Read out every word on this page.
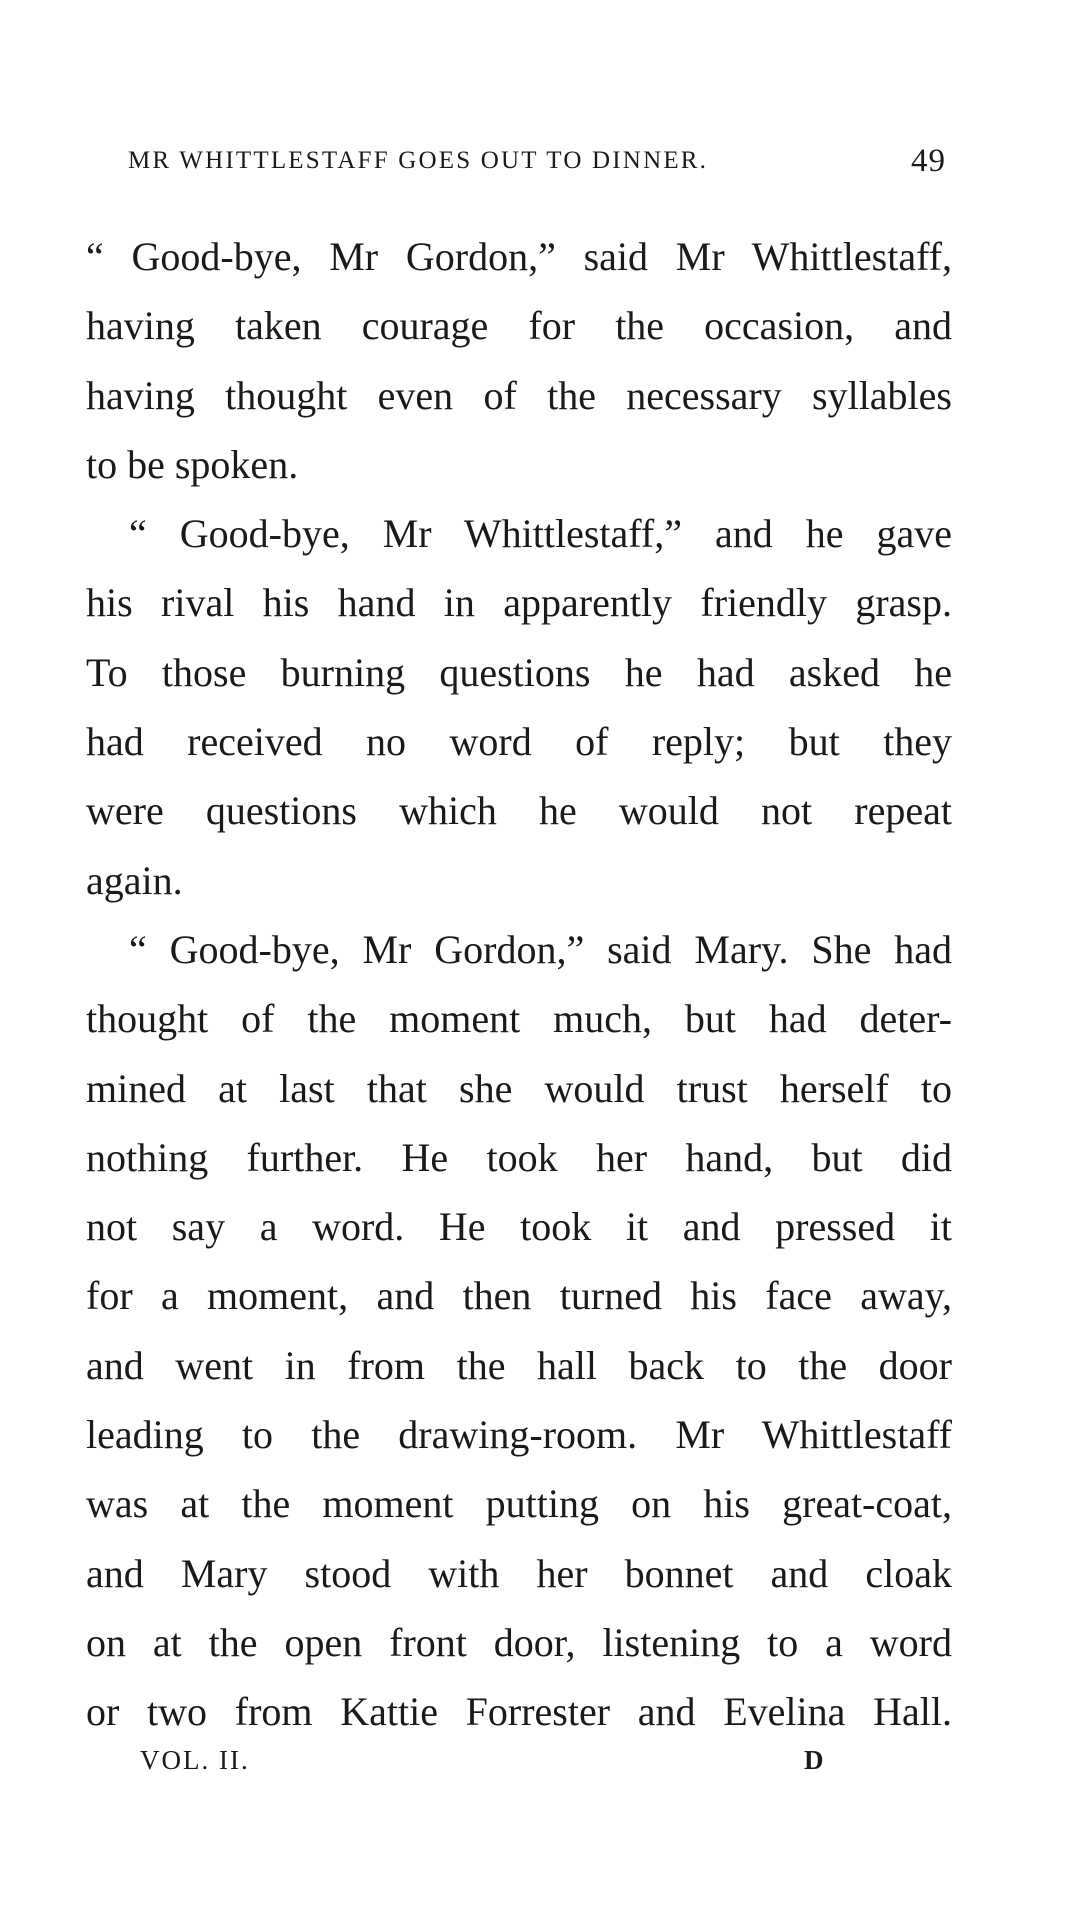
MR WHITTLESTAFF GOES OUT TO DINNER.	49
“ Good-bye, Mr Gordon,” said Mr Whittlestaff,
having taken courage for the occasion, and
having thought even of the necessary syllables
to be spoken.
“ Good-bye, Mr Whittlestaff,” and he gave
his rival his hand in apparently friendly grasp.
To those burning questions he had asked he
had received no word of reply; but they
were questions which he would not repeat
again.
“ Good-bye, Mr Gordon,” said Mary. She had
thought of the moment much, but had deter-
mined at last that she would trust herself to
nothing further. He took her hand, but did
not say a word. He took it and pressed it
for a moment, and then turned his face away,
and went in from the hall back to the door
leading to the drawing-room. Mr Whittlestaff
was at the moment putting on his great-coat,
and Mary stood with her bonnet and cloak
on at the open front door, listening to a word
or two from Kattie Forrester and Evelina Hall.
VOL. II.	D
